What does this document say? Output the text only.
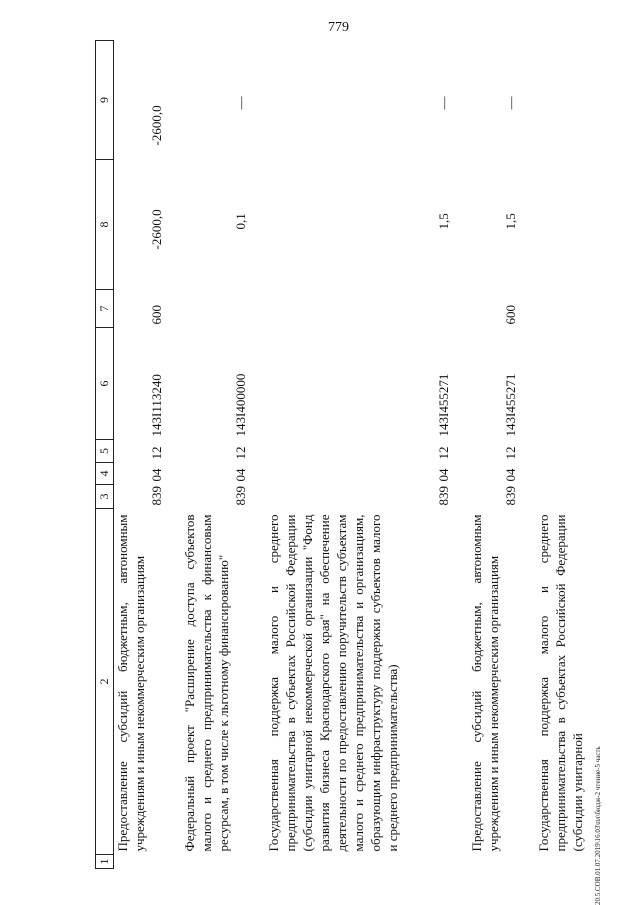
779
20.5.СОВ.01.07.2019\16.03\пл\бюдж-2 чтение-5 часть
1	2	3	4	5	6	7	8	9
	Предоставление субсидий бюджетным, автономным учреждениям и иным некоммерческим организациям	839	04	12	143I113240	600	-2600,0	-2600,0

	Федеральный проект "Расширение доступа субъектов малого и среднего предпринимательства к финансовым ресурсам, в том числе к льготному финансированию"	839	04	12	143I400000		0,1	—

	Государственная поддержка малого и среднего предпринимательства в субъектах Российской Федерации (субсидии унитарной некоммерческой организации "Фонд развития бизнеса Краснодарского края" на обеспечение деятельности по предоставлению поручительств субъектам малого и среднего предпринимательства и организациям, образующим инфраструктуру поддержки субъектов малого и среднего предпринимательства)	839	04	12	143I455271		1,5	—

	Предоставление субсидий бюджетным, автономным учреждениям и иным некоммерческим организациям	839	04	12	143I455271	600	1,5	—

	Государственная поддержка малого и среднего предпринимательства в субъектах Российской Федерации (субсидии унитарной							
